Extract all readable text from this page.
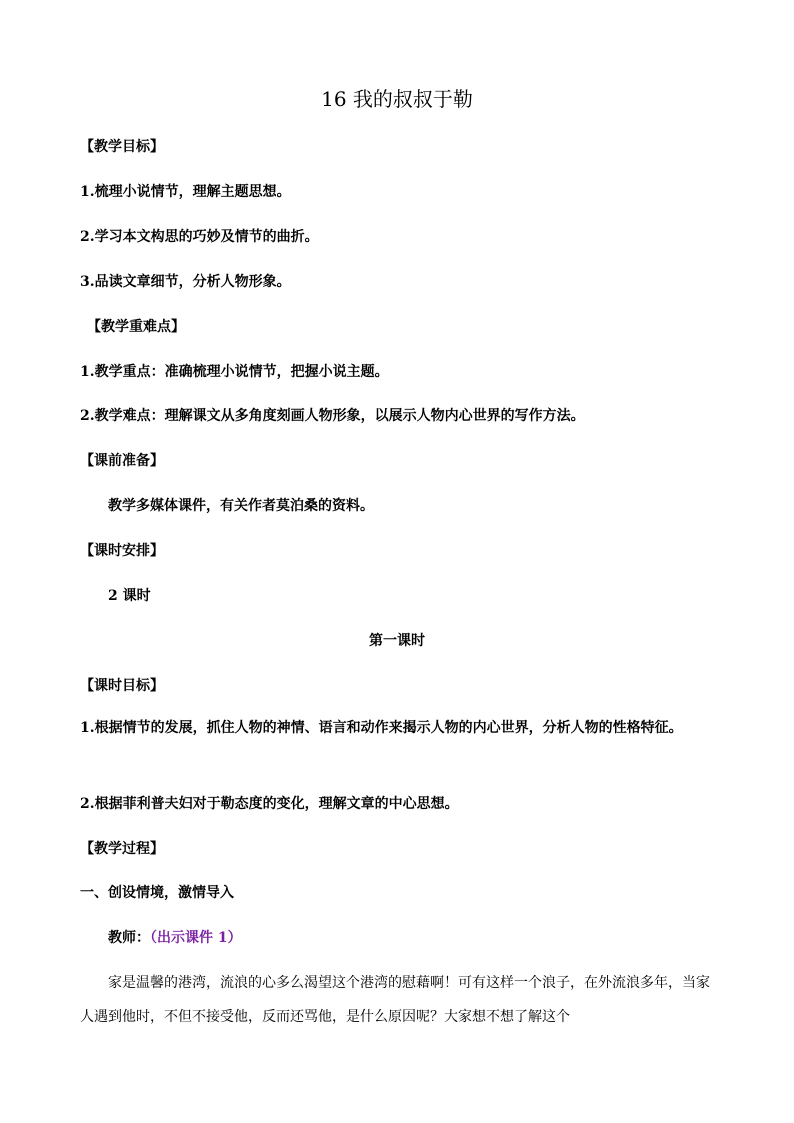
16 我的叔叔于勒
【教学目标】
1.梳理小说情节，理解主题思想。
2.学习本文构思的巧妙及情节的曲折。
3.品读文章细节，分析人物形象。
【教学重难点】
1.教学重点：准确梳理小说情节，把握小说主题。
2.教学难点：理解课文从多角度刻画人物形象，以展示人物内心世界的写作方法。
【课前准备】
教学多媒体课件，有关作者莫泊桑的资料。
【课时安排】
2 课时
第一课时
【课时目标】
1.根据情节的发展，抓住人物的神情、语言和动作来揭示人物的内心世界，分析人物的性格特征。
2.根据菲利普夫妇对于勒态度的变化，理解文章的中心思想。
【教学过程】
一、创设情境，激情导入
教师：（出示课件 1）
家是温馨的港湾，流浪的心多么渴望这个港湾的慰藉啊！可有这样一个浪子，在外流浪多年，当家人遇到他时，不但不接受他，反而还骂他，是什么原因呢？大家想不想了解这个
